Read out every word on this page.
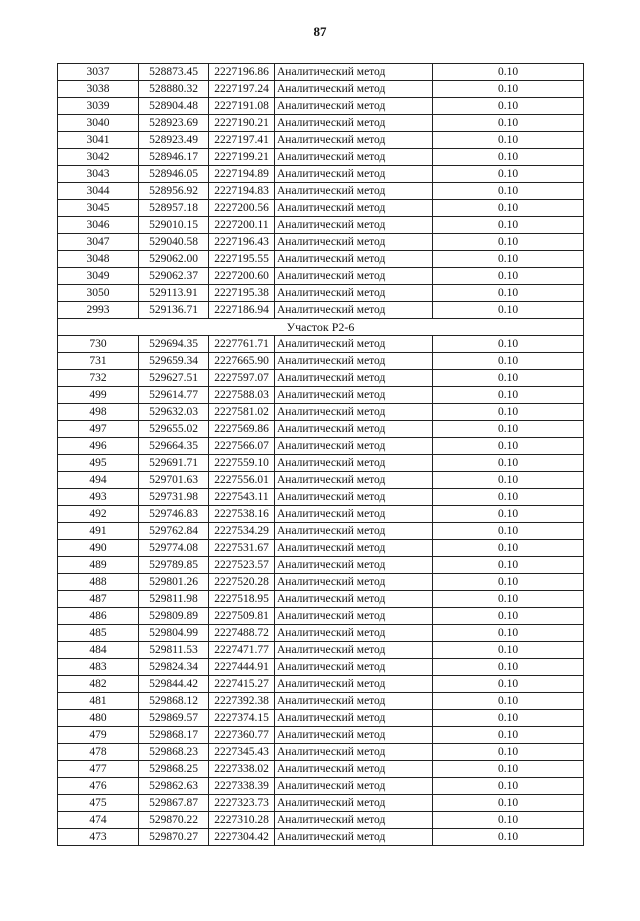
87
3037	528873.45	2227196.86	Аналитический метод	0.10
3038	528880.32	2227197.24	Аналитический метод	0.10
3039	528904.48	2227191.08	Аналитический метод	0.10
3040	528923.69	2227190.21	Аналитический метод	0.10
3041	528923.49	2227197.41	Аналитический метод	0.10
3042	528946.17	2227199.21	Аналитический метод	0.10
3043	528946.05	2227194.89	Аналитический метод	0.10
3044	528956.92	2227194.83	Аналитический метод	0.10
3045	528957.18	2227200.56	Аналитический метод	0.10
3046	529010.15	2227200.11	Аналитический метод	0.10
3047	529040.58	2227196.43	Аналитический метод	0.10
3048	529062.00	2227195.55	Аналитический метод	0.10
3049	529062.37	2227200.60	Аналитический метод	0.10
3050	529113.91	2227195.38	Аналитический метод	0.10
2993	529136.71	2227186.94	Аналитический метод	0.10
Участок Р2-6				
730	529694.35	2227761.71	Аналитический метод	0.10
731	529659.34	2227665.90	Аналитический метод	0.10
732	529627.51	2227597.07	Аналитический метод	0.10
499	529614.77	2227588.03	Аналитический метод	0.10
498	529632.03	2227581.02	Аналитический метод	0.10
497	529655.02	2227569.86	Аналитический метод	0.10
496	529664.35	2227566.07	Аналитический метод	0.10
495	529691.71	2227559.10	Аналитический метод	0.10
494	529701.63	2227556.01	Аналитический метод	0.10
493	529731.98	2227543.11	Аналитический метод	0.10
492	529746.83	2227538.16	Аналитический метод	0.10
491	529762.84	2227534.29	Аналитический метод	0.10
490	529774.08	2227531.67	Аналитический метод	0.10
489	529789.85	2227523.57	Аналитический метод	0.10
488	529801.26	2227520.28	Аналитический метод	0.10
487	529811.98	2227518.95	Аналитический метод	0.10
486	529809.89	2227509.81	Аналитический метод	0.10
485	529804.99	2227488.72	Аналитический метод	0.10
484	529811.53	2227471.77	Аналитический метод	0.10
483	529824.34	2227444.91	Аналитический метод	0.10
482	529844.42	2227415.27	Аналитический метод	0.10
481	529868.12	2227392.38	Аналитический метод	0.10
480	529869.57	2227374.15	Аналитический метод	0.10
479	529868.17	2227360.77	Аналитический метод	0.10
478	529868.23	2227345.43	Аналитический метод	0.10
477	529868.25	2227338.02	Аналитический метод	0.10
476	529862.63	2227338.39	Аналитический метод	0.10
475	529867.87	2227323.73	Аналитический метод	0.10
474	529870.22	2227310.28	Аналитический метод	0.10
473	529870.27	2227304.42	Аналитический метод	0.10
